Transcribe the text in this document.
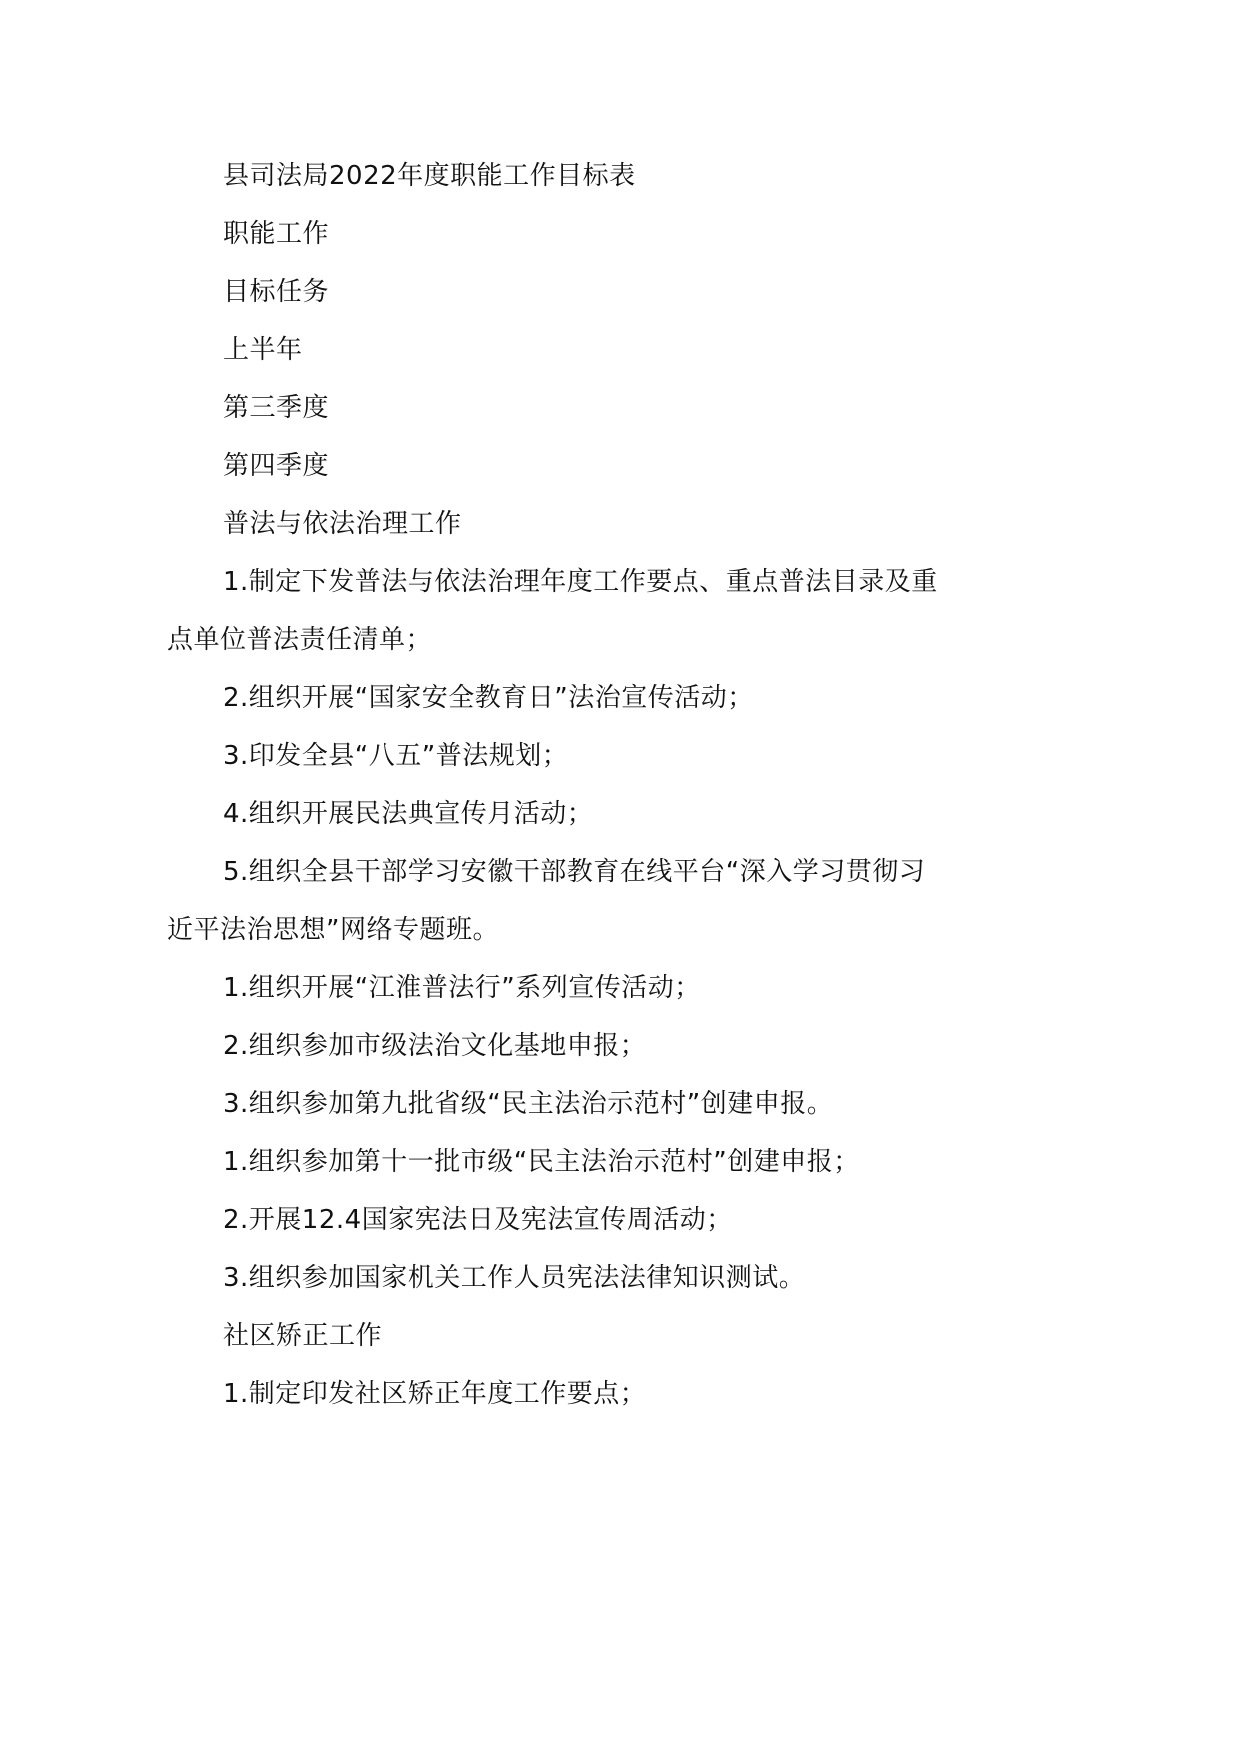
县司法局2022年度职能工作目标表

职能工作

目标任务

上半年

第三季度

第四季度

普法与依法治理工作

1.制定下发普法与依法治理年度工作要点、重点普法目录及重点单位普法责任清单；

2.组织开展“国家安全教育日”法治宣传活动；

3.印发全县“八五”普法规划；

4.组织开展民法典宣传月活动；

5.组织全县干部学习安徽干部教育在线平台“深入学习贯彻习近平法治思想”网络专题班。

1.组织开展“江淮普法行”系列宣传活动；

2.组织参加市级法治文化基地申报；

3.组织参加第九批省级“民主法治示范村”创建申报。

1.组织参加第十一批市级“民主法治示范村”创建申报；

2.开展12.4国家宪法日及宪法宣传周活动；

3.组织参加国家机关工作人员宪法法律知识测试。

社区矫正工作

1.制定印发社区矫正年度工作要点；
